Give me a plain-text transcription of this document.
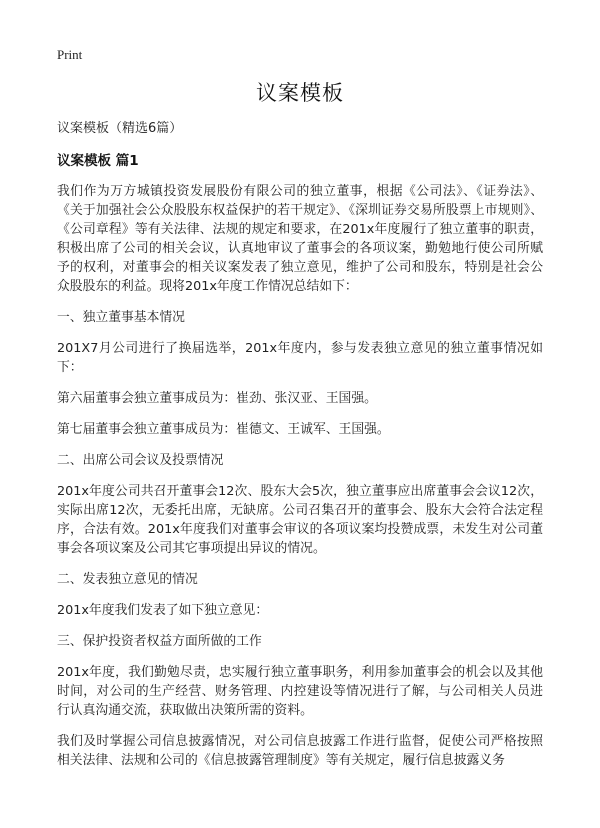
Print
议案模板

议案模板（精选6篇）

议案模板 篇1

我们作为万方城镇投资发展股份有限公司的独立董事，根据《公司法》、《证券法》、《关于加强社会公众股股东权益保护的若干规定》、《深圳证券交易所股票上市规则》、《公司章程》等有关法律、法规的规定和要求，在201x年度履行了独立董事的职责，积极出席了公司的相关会议，认真地审议了董事会的各项议案，勤勉地行使公司所赋予的权利，对董事会的相关议案发表了独立意见，维护了公司和股东，特别是社会公众股股东的利益。现将201x年度工作情况总结如下：

一、独立董事基本情况

201X7月公司进行了换届选举，201x年度内，参与发表独立意见的独立董事情况如下：

第六届董事会独立董事成员为：崔劲、张汉亚、王国强。

第七届董事会独立董事成员为：崔德文、王诚军、王国强。

二、出席公司会议及投票情况

201x年度公司共召开董事会12次、股东大会5次，独立董事应出席董事会会议12次，实际出席12次，无委托出席，无缺席。公司召集召开的董事会、股东大会符合法定程序，合法有效。201x年度我们对董事会审议的各项议案均投赞成票，未发生对公司董事会各项议案及公司其它事项提出异议的情况。

二、发表独立意见的情况

201x年度我们发表了如下独立意见：

三、保护投资者权益方面所做的工作

201x年度，我们勤勉尽责，忠实履行独立董事职务，利用参加董事会的机会以及其他时间，对公司的生产经营、财务管理、内控建设等情况进行了解，与公司相关人员进行认真沟通交流，获取做出决策所需的资料。

我们及时掌握公司信息披露情况，对公司信息披露工作进行监督，促使公司严格按照相关法律、法规和公司的《信息披露管理制度》等有关规定，履行信息披露义务
